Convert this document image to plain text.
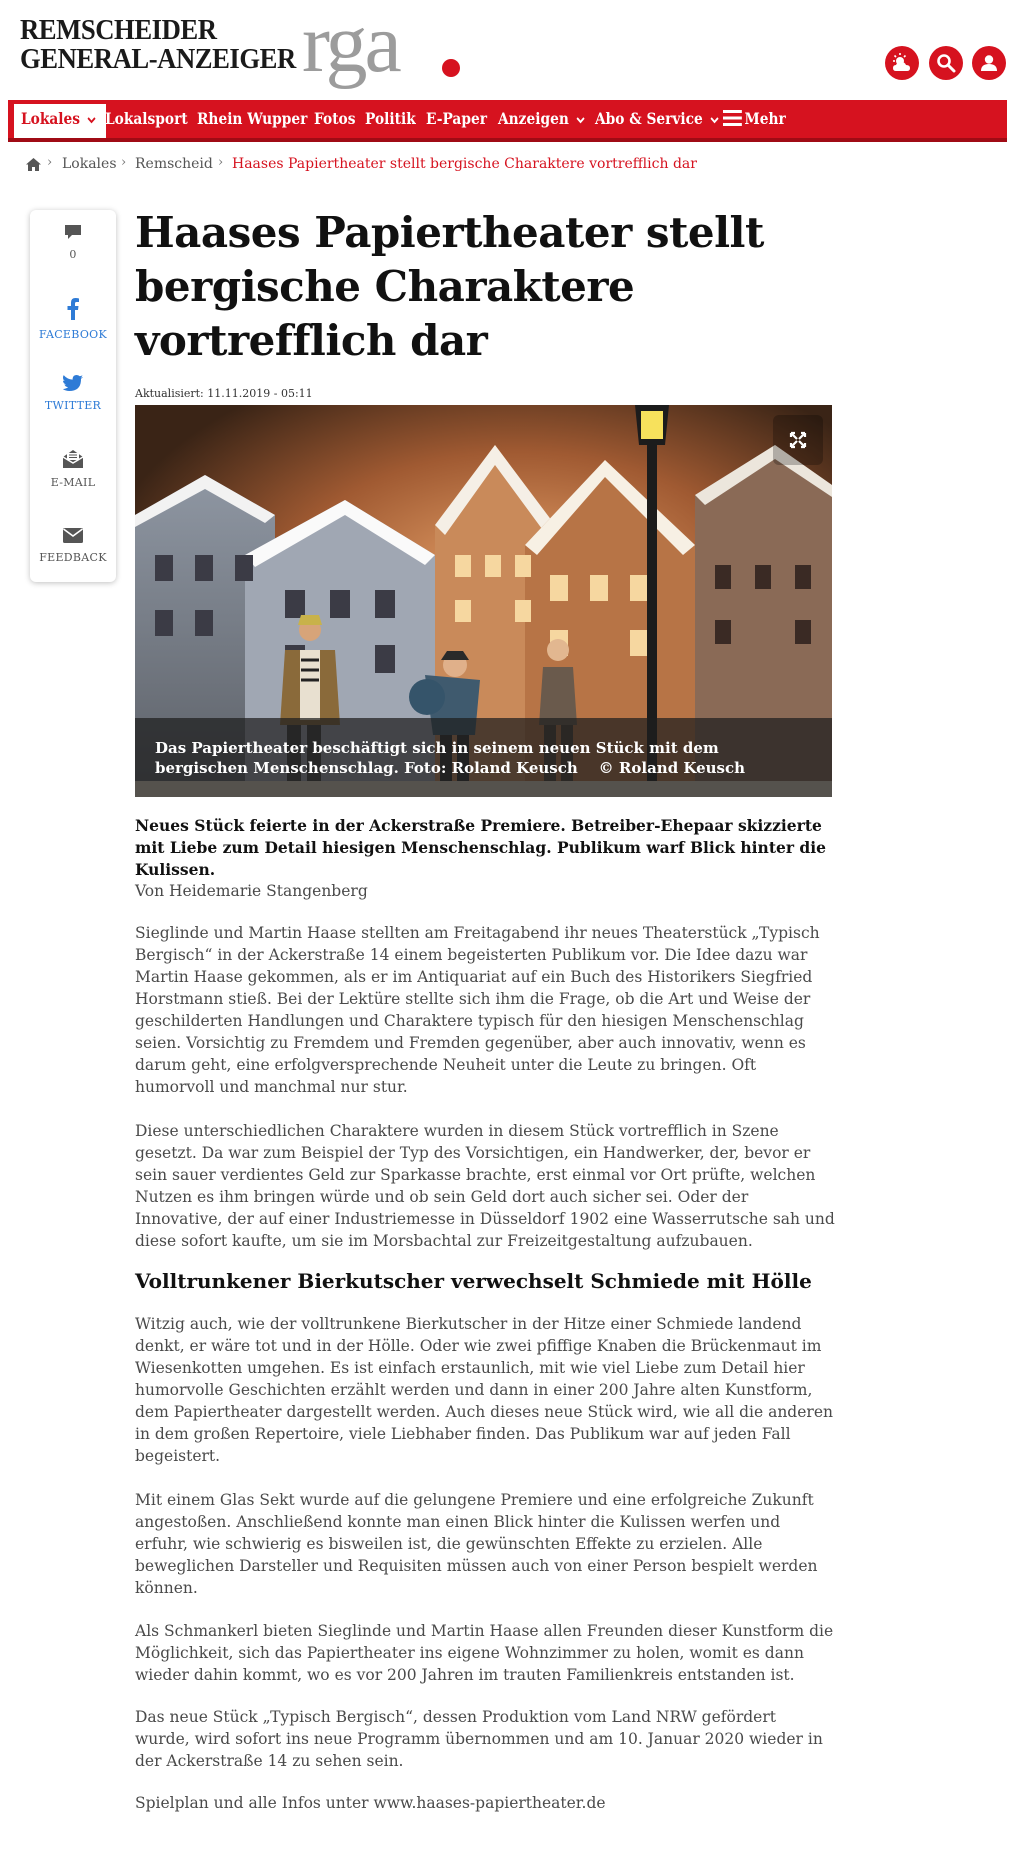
REMSCHEIDER
GENERAL-ANZEIGER rga
Lokales	Lokalsport Rhein Wupper Fotos Politik E-Paper Anzeigen	Abo & Service	Mehr
› Lokales › Remscheid › Haases Papiertheater stellt bergische Charaktere vortrefflich dar
0
FACEBOOK
TWITTER
E-MAIL
FEEDBACK
Haases Papiertheater stellt bergische Charaktere vortrefflich dar
Aktualisiert: 11.11.2019 - 05:11
Das Papiertheater beschäftigt sich in seinem neuen Stück mit dem bergischen Menschenschlag. Foto: Roland Keusch © Roland Keusch

Neues Stück feierte in der Ackerstraße Premiere. Betreiber-Ehepaar skizzierte mit Liebe zum Detail hiesigen Menschenschlag. Publikum warf Blick hinter die Kulissen.

Von Heidemarie Stangenberg

Sieglinde und Martin Haase stellten am Freitagabend ihr neues Theaterstück „Typisch Bergisch“ in der Ackerstraße 14 einem begeisterten Publikum vor. Die Idee dazu war Martin Haase gekommen, als er im Antiquariat auf ein Buch des Historikers Siegfried Horstmann stieß. Bei der Lektüre stellte sich ihm die Frage, ob die Art und Weise der geschilderten Handlungen und Charaktere typisch für den hiesigen Menschenschlag seien. Vorsichtig zu Fremdem und Fremden gegenüber, aber auch innovativ, wenn es darum geht, eine erfolgversprechende Neuheit unter die Leute zu bringen. Oft humorvoll und manchmal nur stur.

Diese unterschiedlichen Charaktere wurden in diesem Stück vortrefflich in Szene gesetzt. Da war zum Beispiel der Typ des Vorsichtigen, ein Handwerker, der, bevor er sein sauer verdientes Geld zur Sparkasse brachte, erst einmal vor Ort prüfte, welchen Nutzen es ihm bringen würde und ob sein Geld dort auch sicher sei. Oder der Innovative, der auf einer Industriemesse in Düsseldorf 1902 eine Wasserrutsche sah und diese sofort kaufte, um sie im Morsbachtal zur Freizeitgestaltung aufzubauen.

Volltrunkener Bierkutscher verwechselt Schmiede mit Hölle

Witzig auch, wie der volltrunkene Bierkutscher in der Hitze einer Schmiede landend denkt, er wäre tot und in der Hölle. Oder wie zwei pfiffige Knaben die Brückenmaut im Wiesenkotten umgehen. Es ist einfach erstaunlich, mit wie viel Liebe zum Detail hier humorvolle Geschichten erzählt werden und dann in einer 200 Jahre alten Kunstform, dem Papiertheater dargestellt werden. Auch dieses neue Stück wird, wie all die anderen in dem großen Repertoire, viele Liebhaber finden. Das Publikum war auf jeden Fall begeistert.

Mit einem Glas Sekt wurde auf die gelungene Premiere und eine erfolgreiche Zukunft angestoßen. Anschließend konnte man einen Blick hinter die Kulissen werfen und erfuhr, wie schwierig es bisweilen ist, die gewünschten Effekte zu erzielen. Alle beweglichen Darsteller und Requisiten müssen auch von einer Person bespielt werden können.

Als Schmankerl bieten Sieglinde und Martin Haase allen Freunden dieser Kunstform die Möglichkeit, sich das Papiertheater ins eigene Wohnzimmer zu holen, womit es dann wieder dahin kommt, wo es vor 200 Jahren im trauten Familienkreis entstanden ist.

Das neue Stück „Typisch Bergisch“, dessen Produktion vom Land NRW gefördert wurde, wird sofort ins neue Programm übernommen und am 10. Januar 2020 wieder in der Ackerstraße 14 zu sehen sein.

Spielplan und alle Infos unter www.haases-papiertheater.de
